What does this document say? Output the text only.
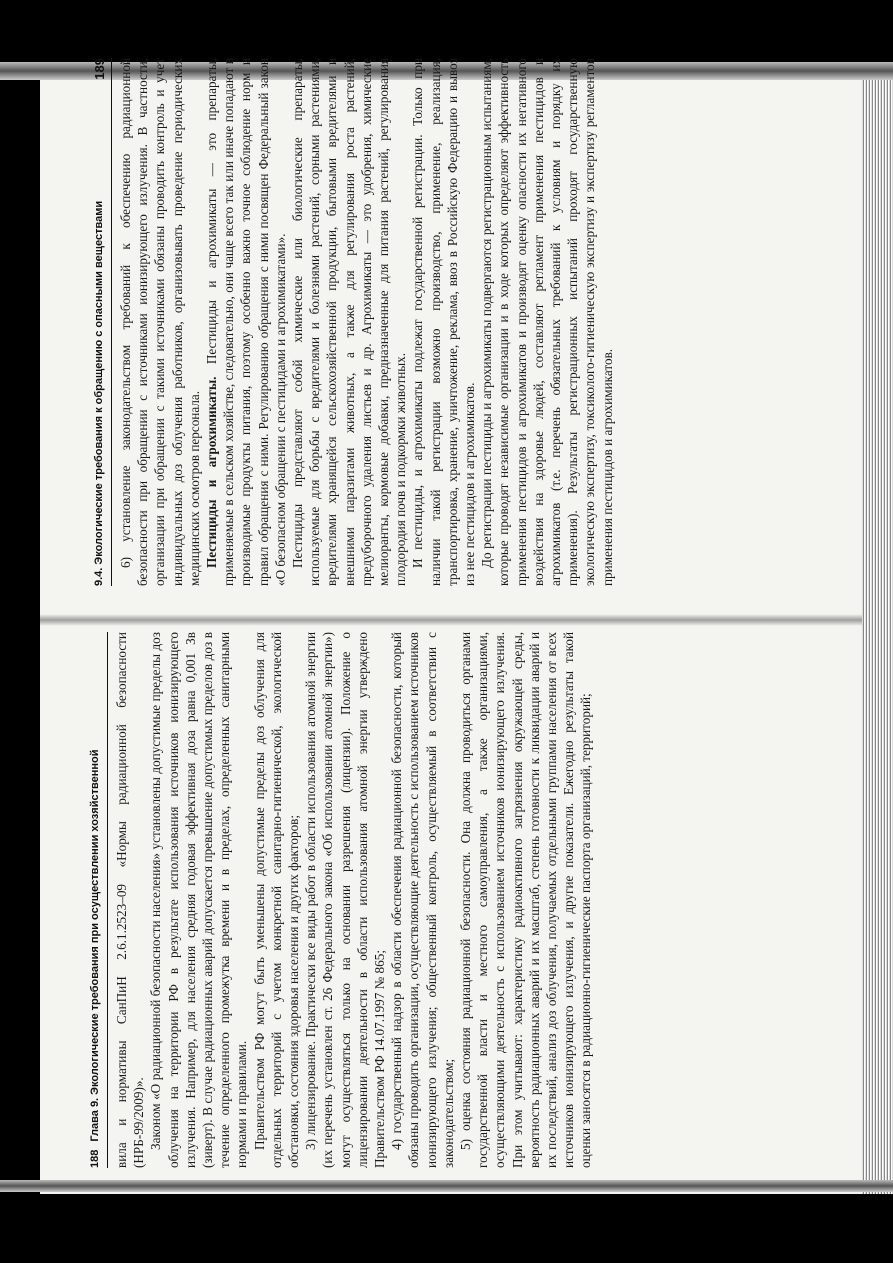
188
Глава 9. Экологические требования при осуществлении хозяйственной вила и нормативы СанПиН 2.6.1.2523–09 «Нормы радиационной безопасности (НРБ-99/2009)». Законом «О радиационной безопасности населения» установлены допустимые пределы доз облучения на территории РФ в результате использования источников ионизирующего излучения. Например, для населения средняя годовая эффективная доза равна 0,001 Зв (зиверт). В случае радиационных аварий допускается превышение допустимых пределов доз в течение определенного промежутка времени и в пределах, определенных санитарными нормами и правилами. Правительством РФ могут быть уменьшены допустимые пределы доз облучения для отдельных территорий с учетом конкретной санитарно-гигиенической, экологической обстановки, состояния здоровья населения и других факторов; 3) лицензирование. Практически все виды работ в области использования атомной энергии (их перечень установлен ст. 26 Федерального закона «Об использовании атомной энергии») могут осуществляться только на основании разрешения (лицензии). Положение о лицензировании деятельности в области использования атомной энергии утверждено Правительством РФ 14.07.1997 № 865; 4) государственный надзор в области обеспечения радиационной безопасности, который обязаны проводить организации, осуществляющие деятельность с использованием источников ионизирующего излучения; общественный контроль, осуществляемый в соответствии с законодательством; 5) оценка состояния радиационной безопасности. Она должна проводиться органами государственной власти и местного самоуправления, а также организациями, осуществляющими деятельность с использованием источников ионизирующего излучения. При этом учитывают: характеристику радиоактивного загрязнения окружающей среды, вероятность радиационных аварий и их масштаб, степень готовности к ликвидации аварий и их последствий, анализ доз облучения, получаемых отдельными группами населения от всех источников ионизирующего излучения, и другие показатели. Ежегодно результаты такой оценки заносятся в радиационно-гигиенические паспорта организаций, территорий;

9.4. Экологические требования к обращению с опасными веществами
189 6) установление законодательством требований к обеспечению радиационной безопасности при обращении с источниками ионизирующего излучения. В частности, организации при обращении с такими источниками обязаны проводить контроль и учет индивидуальных доз облучения работников, организовывать проведение периодических медицинских осмотров персонала. Пестициды и агрохимикаты. Пестициды и агрохимикаты — это препараты, применяемые в сельском хозяйстве, следовательно, они чаще всего так или иначе попадают в производимые продукты питания, поэтому особенно важно точное соблюдение норм и правил обращения с ними. Регулированию обращения с ними посвящен Федеральный закон «О безопасном обращении с пестицидами и агрохимикатами». Пестициды представляют собой химические или биологические препараты, используемые для борьбы с вредителями и болезнями растений, сорными растениями, вредителями хранящейся сельскохозяйственной продукции, бытовыми вредителями и внешними паразитами животных, а также для регулирования роста растений, предуборочного удаления листьев и др. Агрохимикаты — это удобрения, химические мелиоранты, кормовые добавки, предназначенные для питания растений, регулирования плодородия почв и подкормки животных. И пестициды, и агрохимикаты подлежат государственной регистрации. Только при наличии такой регистрации возможно производство, применение, реализация, транспортировка, хранение, уничтожение, реклама, ввоз в Российскую Федерацию и вывоз из нее пестицидов и агрохимикатов. До регистрации пестициды и агрохимикаты подвергаются регистрационным испытаниям, которые проводят независимые организации и в ходе которых определяют эффективность применения пестицидов и агрохимикатов и производят оценку опасности их негативного воздействия на здоровье людей, составляют регламент применения пестицидов и агрохимикатов (т.е. перечень обязательных требований к условиям и порядку их применения). Результаты регистрационных испытаний проходят государственную экологическую экспертизу, токсиколого-гигиеническую экспертизу и экспертизу регламентов применения пестицидов и агрохимикатов.
